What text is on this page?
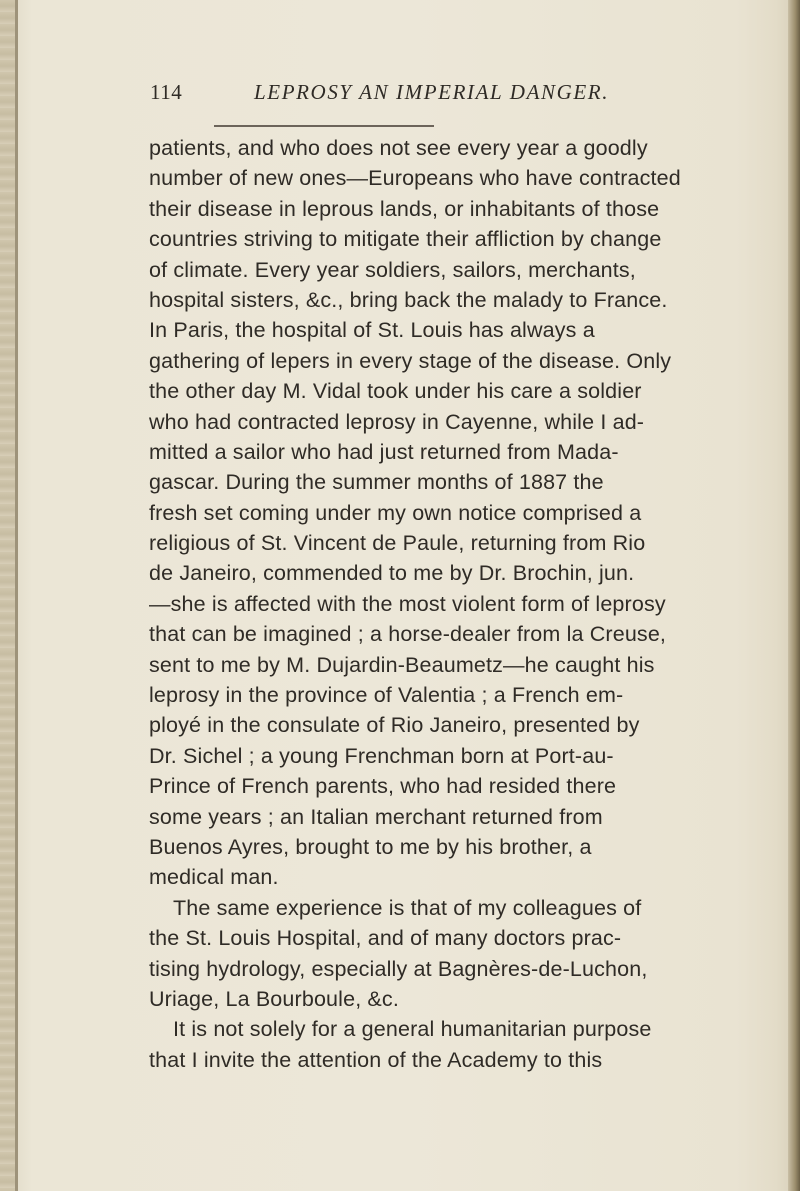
114	LEPROSY AN IMPERIAL DANGER.
patients, and who does not see every year a goodly
number of new ones—Europeans who have contracted
their disease in leprous lands, or inhabitants of those
countries striving to mitigate their affliction by change
of climate. Every year soldiers, sailors, merchants,
hospital sisters, &c., bring back the malady to France.
In Paris, the hospital of St. Louis has always a
gathering of lepers in every stage of the disease. Only
the other day M. Vidal took under his care a soldier
who had contracted leprosy in Cayenne, while I ad-
mitted a sailor who had just returned from Mada-
gascar. During the summer months of 1887 the
fresh set coming under my own notice comprised a
religious of St. Vincent de Paule, returning from Rio
de Janeiro, commended to me by Dr. Brochin, jun.
—she is affected with the most violent form of leprosy
that can be imagined ; a horse-dealer from la Creuse,
sent to me by M. Dujardin-Beaumetz—he caught his
leprosy in the province of Valentia ; a French em-
ployé in the consulate of Rio Janeiro, presented by
Dr. Sichel ; a young Frenchman born at Port-au-
Prince of French parents, who had resided there
some years ; an Italian merchant returned from
Buenos Ayres, brought to me by his brother, a
medical man.
The same experience is that of my colleagues of
the St. Louis Hospital, and of many doctors prac-
tising hydrology, especially at Bagnères-de-Luchon,
Uriage, La Bourboule, &c.
It is not solely for a general humanitarian purpose
that I invite the attention of the Academy to this
